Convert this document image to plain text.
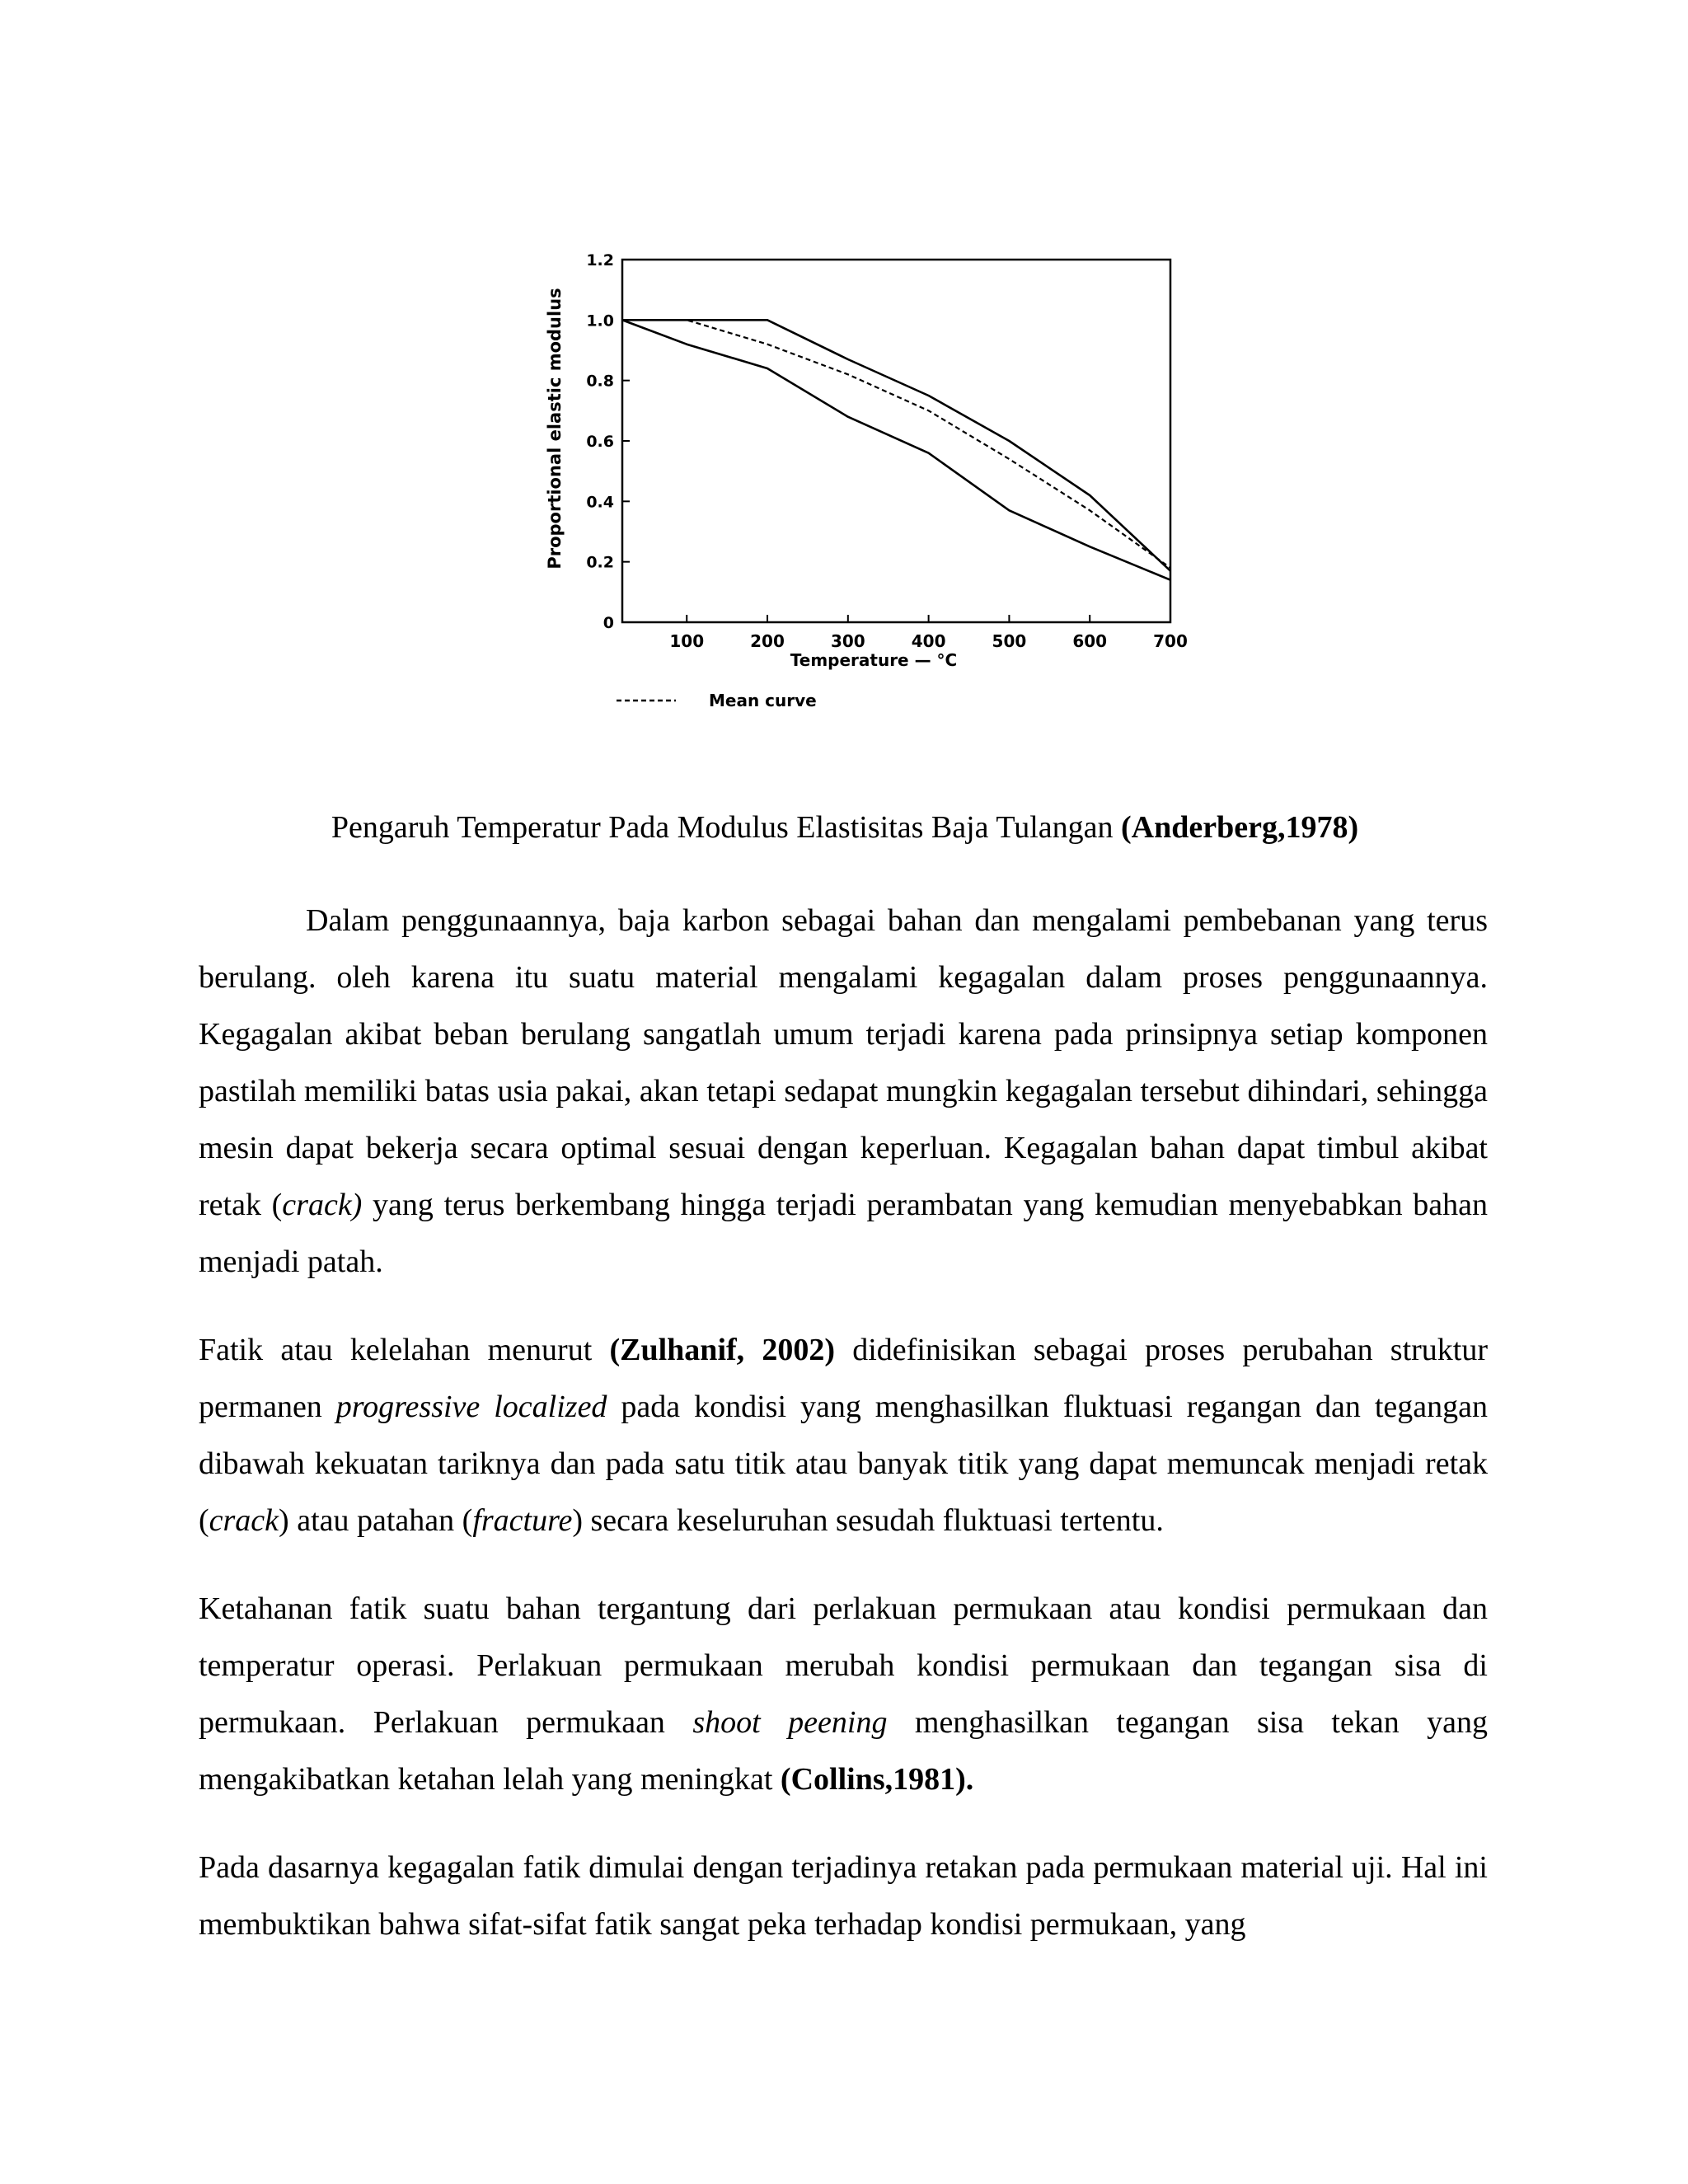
0
0.2
0.4
0.6
0.8
1.0
1.2
100	200	300	400	500	600	700
Proportional elastic modulus
Temperature — °C
Mean curve
Pengaruh Temperatur Pada Modulus Elastisitas Baja Tulangan (Anderberg,1978)

Dalam penggunaannya, baja karbon sebagai bahan dan mengalami pembebanan yang terus berulang. oleh karena itu suatu material mengalami kegagalan dalam proses penggunaannya. Kegagalan akibat beban berulang sangatlah umum terjadi karena pada prinsipnya setiap komponen pastilah memiliki batas usia pakai, akan tetapi sedapat mungkin kegagalan tersebut dihindari, sehingga mesin dapat bekerja secara optimal sesuai dengan keperluan. Kegagalan bahan dapat timbul akibat retak (crack) yang terus berkembang hingga terjadi perambatan yang kemudian menyebabkan bahan menjadi patah.

Fatik atau kelelahan menurut (Zulhanif, 2002) didefinisikan sebagai proses perubahan struktur permanen progressive localized pada kondisi yang menghasilkan fluktuasi regangan dan tegangan dibawah kekuatan tariknya dan pada satu titik atau banyak titik yang dapat memuncak menjadi retak (crack) atau patahan (fracture) secara keseluruhan sesudah fluktuasi tertentu.

Ketahanan fatik suatu bahan tergantung dari perlakuan permukaan atau kondisi permukaan dan temperatur operasi. Perlakuan permukaan merubah kondisi permukaan dan tegangan sisa di permukaan. Perlakuan permukaan shoot peening menghasilkan tegangan sisa tekan yang mengakibatkan ketahan lelah yang meningkat (Collins,1981).

Pada dasarnya kegagalan fatik dimulai dengan terjadinya retakan pada permukaan material uji. Hal ini membuktikan bahwa sifat-sifat fatik sangat peka terhadap kondisi permukaan, yang
